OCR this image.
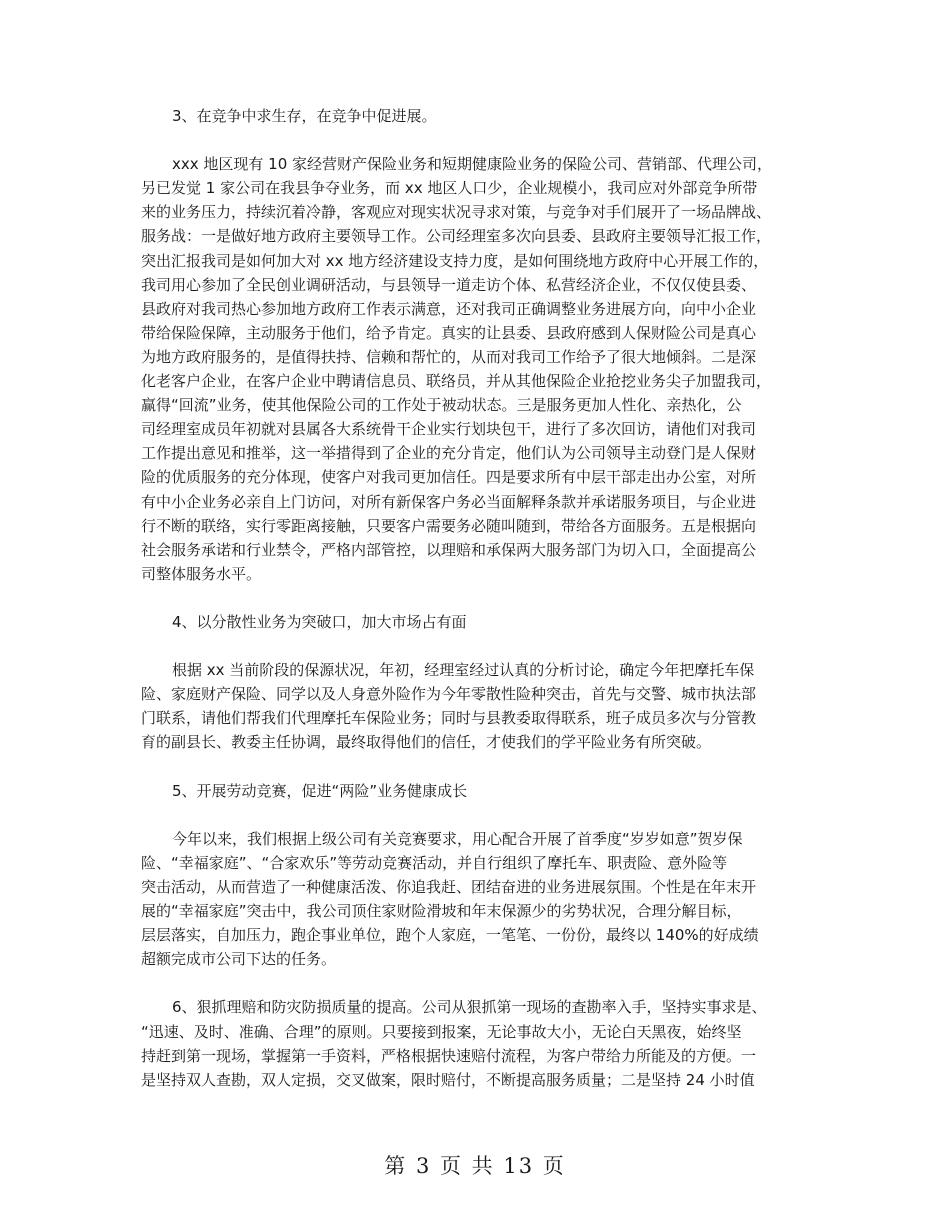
3、在竞争中求生存，在竞争中促进展。
xxx 地区现有 10 家经营财产保险业务和短期健康险业务的保险公司、营销部、代理公司，
另已发觉 1 家公司在我县争夺业务，而 xx 地区人口少，企业规模小，我司应对外部竞争所带
来的业务压力，持续沉着冷静，客观应对现实状况寻求对策，与竞争对手们展开了一场品牌战、
服务战：一是做好地方政府主要领导工作。公司经理室多次向县委、县政府主要领导汇报工作，
突出汇报我司是如何加大对 xx 地方经济建设支持力度，是如何围绕地方政府中心开展工作的，
我司用心参加了全民创业调研活动，与县领导一道走访个体、私营经济企业，不仅仅使县委、
县政府对我司热心参加地方政府工作表示满意，还对我司正确调整业务进展方向，向中小企业
带给保险保障，主动服务于他们，给予肯定。真实的让县委、县政府感到人保财险公司是真心
为地方政府服务的，是值得扶持、信赖和帮忙的，从而对我司工作给予了很大地倾斜。二是深
化老客户企业，在客户企业中聘请信息员、联络员，并从其他保险企业抢挖业务尖子加盟我司，
赢得“回流”业务，使其他保险公司的工作处于被动状态。三是服务更加人性化、亲热化，公
司经理室成员年初就对县属各大系统骨干企业实行划块包干，进行了多次回访，请他们对我司
工作提出意见和推举，这一举措得到了企业的充分肯定，他们认为公司领导主动登门是人保财
险的优质服务的充分体现，使客户对我司更加信任。四是要求所有中层干部走出办公室，对所
有中小企业务必亲自上门访问，对所有新保客户务必当面解释条款并承诺服务项目，与企业进
行不断的联络，实行零距离接触，只要客户需要务必随叫随到，带给各方面服务。五是根据向
社会服务承诺和行业禁令，严格内部管控，以理赔和承保两大服务部门为切入口，全面提高公
司整体服务水平。
4、以分散性业务为突破口，加大市场占有面
根据 xx 当前阶段的保源状况，年初，经理室经过认真的分析讨论，确定今年把摩托车保
险、家庭财产保险、同学以及人身意外险作为今年零散性险种突击，首先与交警、城市执法部
门联系，请他们帮我们代理摩托车保险业务；同时与县教委取得联系，班子成员多次与分管教
育的副县长、教委主任协调，最终取得他们的信任，才使我们的学平险业务有所突破。
5、开展劳动竞赛，促进“两险”业务健康成长
今年以来，我们根据上级公司有关竞赛要求，用心配合开展了首季度“岁岁如意”贺岁保
险、“幸福家庭”、“合家欢乐”等劳动竞赛活动，并自行组织了摩托车、职责险、意外险等
突击活动，从而营造了一种健康活泼、你追我赶、团结奋进的业务进展氛围。个性是在年末开
展的“幸福家庭”突击中，我公司顶住家财险滑坡和年末保源少的劣势状况，合理分解目标，
层层落实，自加压力，跑企事业单位，跑个人家庭，一笔笔、一份份，最终以 140%的好成绩
超额完成市公司下达的任务。
6、狠抓理赔和防灾防损质量的提高。公司从狠抓第一现场的查勘率入手，坚持实事求是、
“迅速、及时、准确、合理”的原则。只要接到报案，无论事故大小，无论白天黑夜，始终坚
持赶到第一现场，掌握第一手资料，严格根据快速赔付流程，为客户带给力所能及的方便。一
是坚持双人查勘，双人定损，交叉做案，限时赔付，不断提高服务质量；二是坚持 24 小时值
第 3 页 共 13 页
